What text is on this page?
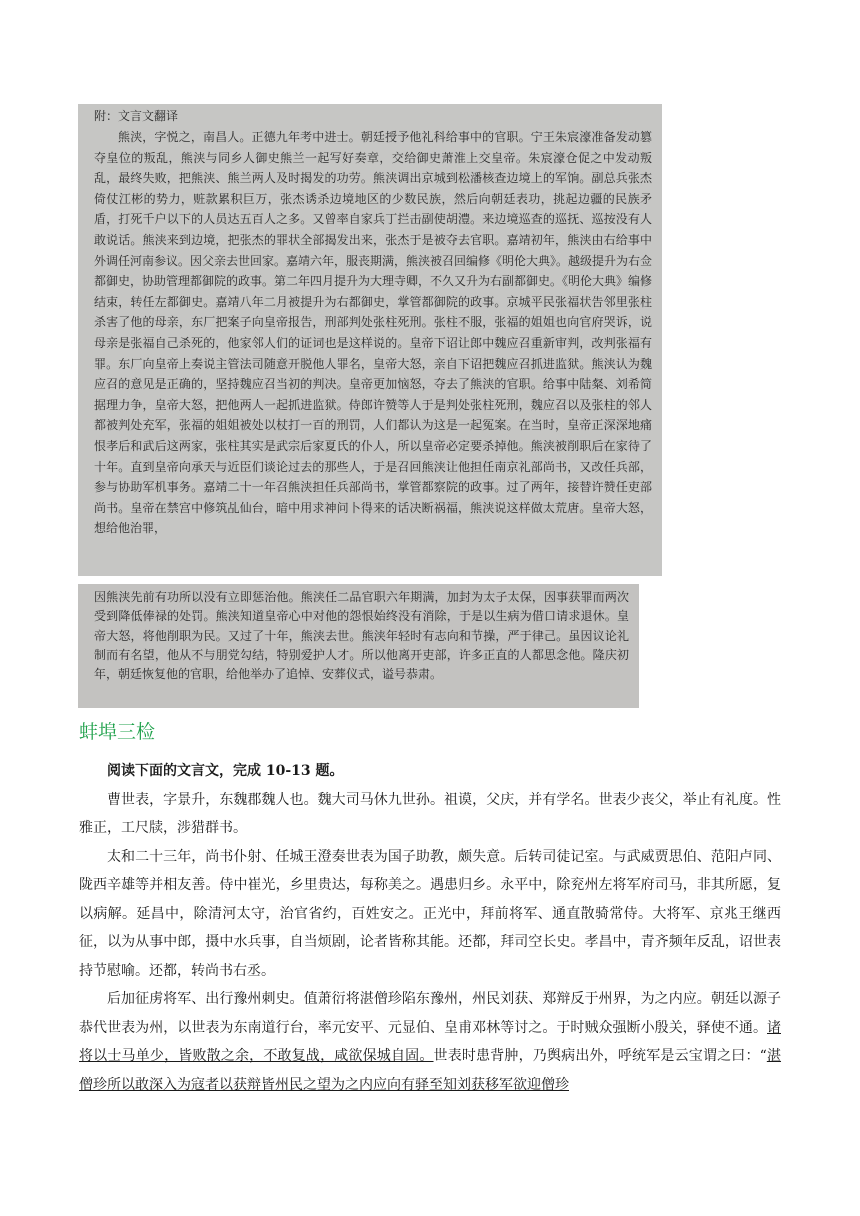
附：文言文翻译

熊浃，字悦之，南昌人。正德九年考中进士。朝廷授予他礼科给事中的官职。宁王朱宸濠准备发动篡夺皇位的叛乱，熊浃与同乡人御史熊兰一起写好奏章，交给御史萧淮上交皇帝。朱宸濠仓促之中发动叛乱，最终失败，把熊浃、熊兰两人及时揭发的功劳。熊浃调出京城到松潘核查边境上的军饷。副总兵张杰倚仗江彬的势力，赃款累积巨万，张杰诱杀边境地区的少数民族，然后向朝廷表功，挑起边疆的民族矛盾，打死千户以下的人员达五百人之多。又曾率自家兵丁拦击副使胡澧。来边境巡查的巡抚、巡按没有人敢说话。熊浃来到边境，把张杰的罪状全部揭发出来，张杰于是被夺去官职。嘉靖初年，熊浃由右给事中外调任河南参议。因父亲去世回家。嘉靖六年，服丧期满，熊浃被召回编修《明伦大典》。越级提升为右佥都御史，协助管理都御院的政事。第二年四月提升为大理寺卿，不久又升为右副都御史。《明伦大典》编修结束，转任左都御史。嘉靖八年二月被提升为右都御史，掌管都御院的政事。京城平民张福状告邻里张柱杀害了他的母亲，东厂把案子向皇帝报告，刑部判处张柱死刑。张柱不服，张福的姐姐也向官府哭诉，说母亲是张福自己杀死的，他家邻人们的证词也是这样说的。皇帝下诏让郎中魏应召重新审判，改判张福有罪。东厂向皇帝上奏说主管法司随意开脱他人罪名，皇帝大怒，亲自下诏把魏应召抓进监狱。熊浃认为魏应召的意见是正确的，坚持魏应召当初的判决。皇帝更加恼怒，夺去了熊浃的官职。给事中陆粲、刘希简据理力争，皇帝大怒，把他两人一起抓进监狱。侍郎许赞等人于是判处张柱死刑，魏应召以及张柱的邻人都被判处充军，张福的姐姐被处以杖打一百的刑罚，人们都认为这是一起冤案。在当时，皇帝正深深地痛恨孝后和武后这两家，张柱其实是武宗后家夏氏的仆人，所以皇帝必定要杀掉他。熊浃被削职后在家待了十年。直到皇帝向承天与近臣们谈论过去的那些人，于是召回熊浃让他担任南京礼部尚书，又改任兵部，参与协助军机事务。嘉靖二十一年召熊浃担任兵部尚书，掌管都察院的政事。过了两年，接替许赞任吏部尚书。皇帝在禁宫中修筑乩仙台，暗中用求神问卜得来的话决断祸福，熊浃说这样做太荒唐。皇帝大怒，想给他治罪，

因熊浃先前有功所以没有立即惩治他。熊浃任二品官职六年期满，加封为太子太保，因事获罪而两次受到降低俸禄的处罚。熊浃知道皇帝心中对他的怨恨始终没有消除，于是以生病为借口请求退休。皇帝大怒，将他削职为民。又过了十年，熊浃去世。熊浃年轻时有志向和节操，严于律己。虽因议论礼制而有名望，他从不与朋党勾结，特别爱护人才。所以他离开吏部，许多正直的人都思念他。隆庆初年，朝廷恢复他的官职，给他举办了追悼、安葬仪式，谥号恭肃。

蚌埠三检

阅读下面的文言文，完成 10-13 题。

曹世表，字景升，东魏郡魏人也。魏大司马休九世孙。祖谟，父庆，并有学名。世表少丧父，举止有礼度。性雅正，工尺牍，涉猎群书。

太和二十三年，尚书仆射、任城王澄奏世表为国子助教，颇失意。后转司徒记室。与武威贾思伯、范阳卢同、陇西辛雄等并相友善。侍中崔光，乡里贵达，每称美之。遇患归乡。永平中，除兖州左将军府司马，非其所愿，复以病解。延昌中，除清河太守，治官省约，百姓安之。正光中，拜前将军、通直散骑常侍。大将军、京兆王继西征，以为从事中郎，摄中水兵事，自当烦剧，论者皆称其能。还都，拜司空长史。孝昌中，青齐频年反乱，诏世表持节慰喻。还都，转尚书右丞。

后加征虏将军、出行豫州刺史。值萧衍将湛僧珍陷东豫州，州民刘获、郑辩反于州界，为之内应。朝廷以源子恭代世表为州，以世表为东南道行台，率元安平、元显伯、皇甫邓林等讨之。于时贼众强断小殷关，驿使不通。诸将以士马单少，皆败散之余，不敢复战，咸欲保城自固。世表时患背肿，乃舆病出外，呼统军是云宝谓之曰：“湛僧珍所以敢深入为寇者以获辩皆州民之望为之内应向有驿至知刘获移军欲迎僧珍
